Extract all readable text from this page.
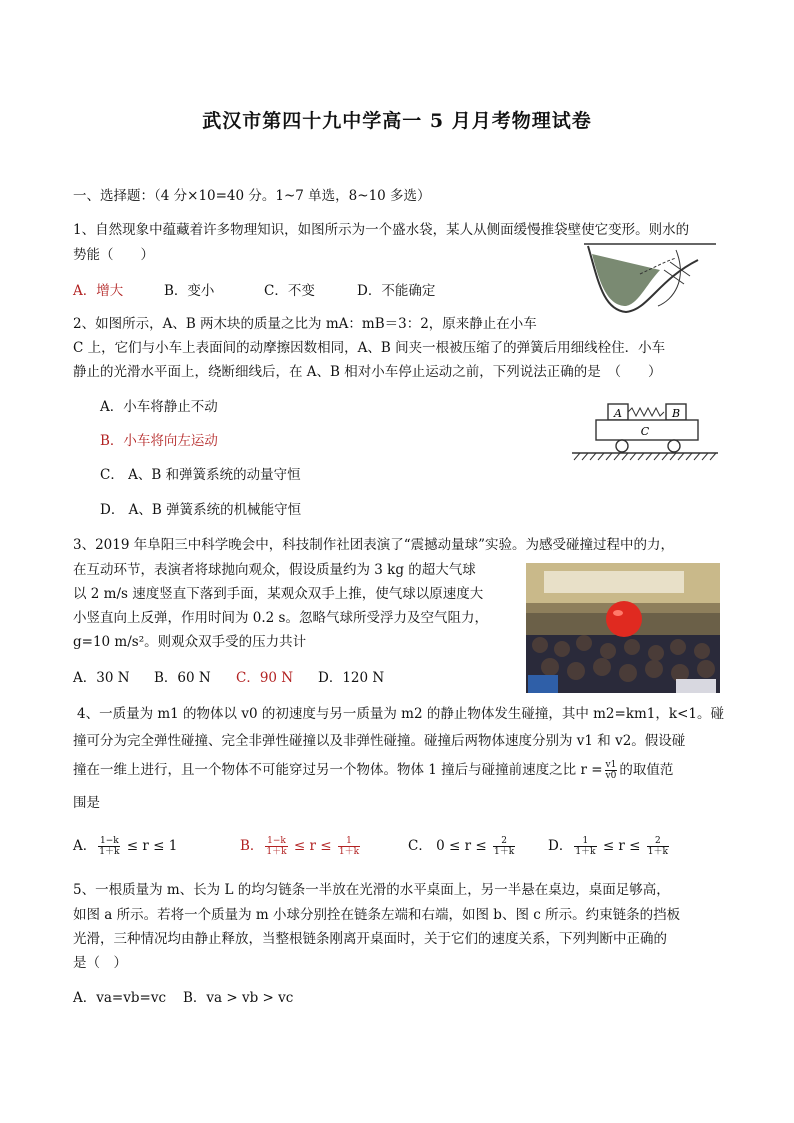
武汉市第四十九中学高一 5 月月考物理试卷
一、选择题：（4 分×10=40 分。1~7 单选，8~10 多选）
1、自然现象中蕴藏着许多物理知识，如图所示为一个盛水袋，某人从侧面缓慢推袋壁使它变形。则水的
势能（　　）
A．增大	B．变小	C．不变	D．不能确定
2、如图所示，A、B 两木块的质量之比为 mA：mB＝3：2，原来静止在小车
C 上，它们与小车上表面间的动摩擦因数相同，A、B 间夹一根被压缩了的弹簧后用细线栓住．小车
静止的光滑水平面上，绕断细线后，在 A、B 相对小车停止运动之前，下列说法正确的是　（　　）
A．小车将静止不动
B．小车将向左运动
C． A、B 和弹簧系统的动量守恒
D． A、B 弹簧系统的机械能守恒
A	B
C
3、2019 年阜阳三中科学晚会中，科技制作社团表演了“震撼动量球”实验。为感受碰撞过程中的力，
在互动环节，表演者将球抛向观众，假设质量约为 3 kg 的超大气球
以 2 m/s 速度竖直下落到手面，某观众双手上推，使气球以原速度大
小竖直向上反弹，作用时间为 0.2 s。忽略气球所受浮力及空气阻力，
g=10 m/s²。则观众双手受的压力共计
A．30 N B．60 N C．90 N D．120 N
4、一质量为 m1 的物体以 v0 的初速度与另一质量为 m2 的静止物体发生碰撞，其中 m2=km1，k<1。碰
撞可分为完全弹性碰撞、完全非弹性碰撞以及非弹性碰撞。碰撞后两物体速度分别为 v1 和 v2。假设碰
撞在一维上进行，且一个物体不可能穿过另一个物体。物体 1 撞后与碰撞前速度之比 $r = \frac{v1}{v0}$ 的取值范
围是
A． $\frac{1-k}{1+k} \le r \le 1$	B． $\frac{1-k}{1+k} \le r \le \frac{1}{1+k}$	C． $0 \le r \le \frac{2}{1+k}$ D． $\frac{1}{1+k} \le r \le \frac{2}{1+k}$
5、一根质量为 m、长为 L 的均匀链条一半放在光滑的水平桌面上，另一半悬在桌边，桌面足够高，
如图 a 所示。若将一个质量为 m 小球分别拴在链条左端和右端，如图 b、图 c 所示。约束链条的挡板
光滑，三种情况均由静止释放，当整根链条刚离开桌面时，关于它们的速度关系，下列判断中正确的
是（　）
A．va=vb=vc B．va > vb > vc
